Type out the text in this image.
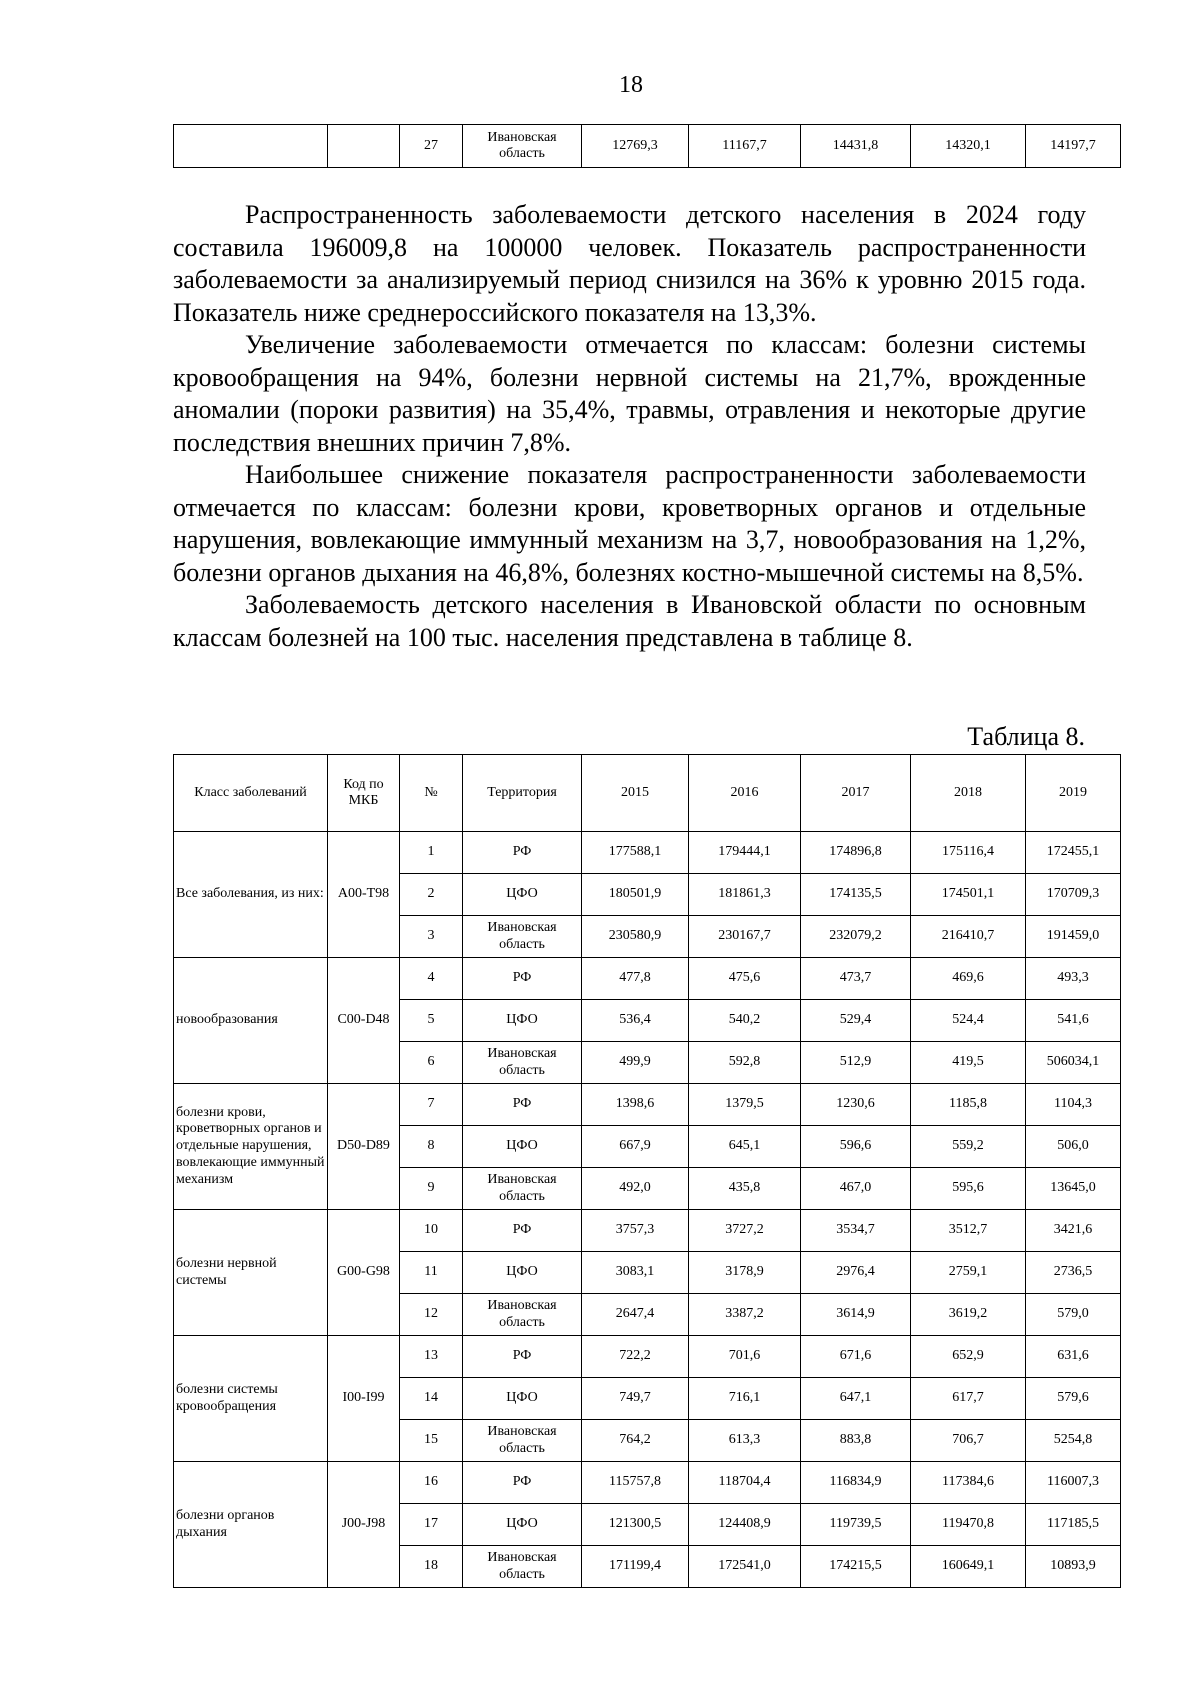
18
		27	Ивановская область	12769,3	11167,7	14431,8	14320,1	14197,7

Распространенность заболеваемости детского населения в 2024 году составила 196009,8 на 100000 человек. Показатель распространенности заболеваемости за анализируемый период снизился на 36% к уровню 2015 года. Показатель ниже среднероссийского показателя на 13,3%.

Увеличение заболеваемости отмечается по классам: болезни системы кровообращения на 94%, болезни нервной системы на 21,7%, врожденные аномалии (пороки развития) на 35,4%, травмы, отравления и некоторые другие последствия внешних причин 7,8%.

Наибольшее снижение показателя распространенности заболеваемости отмечается по классам: болезни крови, кроветворных органов и отдельные нарушения, вовлекающие иммунный механизм на 3,7, новообразования на 1,2%, болезни органов дыхания на 46,8%, болезнях костно-мышечной системы на 8,5%.

Заболеваемость детского населения в Ивановской области по основным классам болезней на 100 тыс. населения представлена в таблице 8.

Таблица 8.
Класс заболеваний	Код по МКБ	№	Территория	2015	2016	2017	2018	2019
Все заболевания, из них:	А00-Т98	1	РФ	177588,1	179444,1	174896,8	175116,4	172455,1
		2	ЦФО	180501,9	181861,3	174135,5	174501,1	170709,3
		3	Ивановская область	230580,9	230167,7	232079,2	216410,7	191459,0
новообразования	С00-D48	4	РФ	477,8	475,6	473,7	469,6	493,3
		5	ЦФО	536,4	540,2	529,4	524,4	541,6
		6	Ивановская область	499,9	592,8	512,9	419,5	506034,1
болезни крови, кроветворных органов и отдельные нарушения, вовлекающие иммунный механизм	D50-D89	7	РФ	1398,6	1379,5	1230,6	1185,8	1104,3
		8	ЦФО	667,9	645,1	596,6	559,2	506,0
		9	Ивановская область	492,0	435,8	467,0	595,6	13645,0
болезни нервной системы	G00-G98	10	РФ	3757,3	3727,2	3534,7	3512,7	3421,6
		11	ЦФО	3083,1	3178,9	2976,4	2759,1	2736,5
		12	Ивановская область	2647,4	3387,2	3614,9	3619,2	579,0
болезни системы кровообращения	I00-I99	13	РФ	722,2	701,6	671,6	652,9	631,6
		14	ЦФО	749,7	716,1	647,1	617,7	579,6
		15	Ивановская область	764,2	613,3	883,8	706,7	5254,8
болезни органов дыхания	J00-J98	16	РФ	115757,8	118704,4	116834,9	117384,6	116007,3
		17	ЦФО	121300,5	124408,9	119739,5	119470,8	117185,5
		18	Ивановская область	171199,4	172541,0	174215,5	160649,1	10893,9
